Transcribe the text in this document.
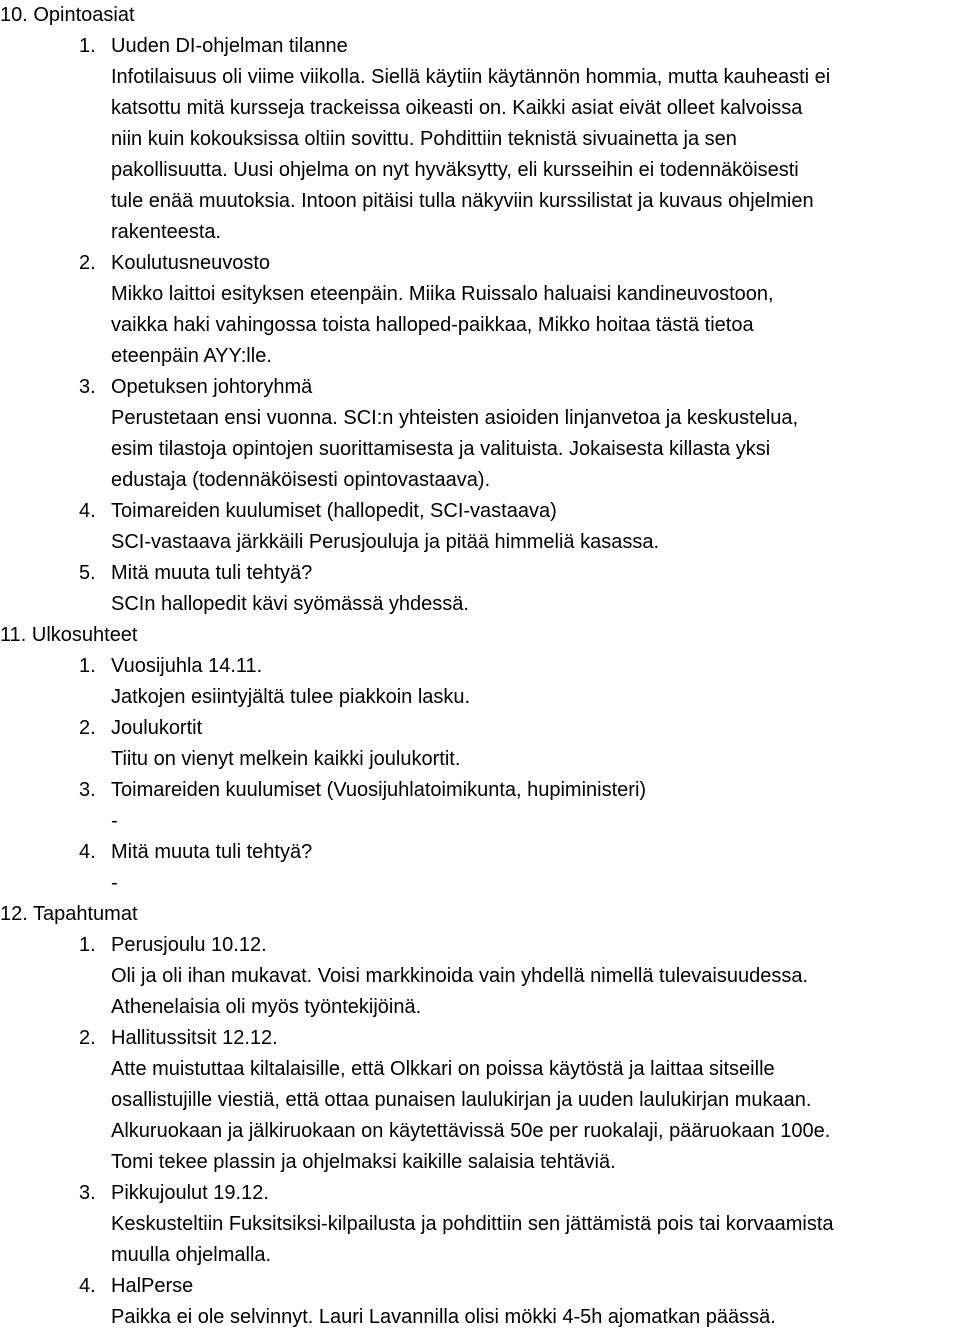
10. Opintoasiat
1. Uuden DI-ohjelman tilanne
Infotilaisuus oli viime viikolla. Siellä käytiin käytännön hommia, mutta kauheasti ei
katsottu mitä kursseja trackeissa oikeasti on. Kaikki asiat eivät olleet kalvoissa
niin kuin kokouksissa oltiin sovittu. Pohdittiin teknistä sivuainetta ja sen
pakollisuutta. Uusi ohjelma on nyt hyväksytty, eli kursseihin ei todennäköisesti
tule enää muutoksia. Intoon pitäisi tulla näkyviin kurssilistat ja kuvaus ohjelmien
rakenteesta.
2. Koulutusneuvosto
Mikko laittoi esityksen eteenpäin. Miika Ruissalo haluaisi kandineuvostoon,
vaikka haki vahingossa toista halloped-paikkaa, Mikko hoitaa tästä tietoa
eteenpäin AYY:lle.
3. Opetuksen johtoryhmä
Perustetaan ensi vuonna. SCI:n yhteisten asioiden linjanvetoa ja keskustelua,
esim tilastoja opintojen suorittamisesta ja valituista. Jokaisesta killasta yksi
edustaja (todennäköisesti opintovastaava).
4. Toimareiden kuulumiset (hallopedit, SCI-vastaava)
SCI-vastaava järkkäili Perusjouluja ja pitää himmeliä kasassa.
5. Mitä muuta tuli tehtyä?
SCIn hallopedit kävi syömässä yhdessä.
11. Ulkosuhteet
1. Vuosijuhla 14.11.
Jatkojen esiintyjältä tulee piakkoin lasku.
2. Joulukortit
Tiitu on vienyt melkein kaikki joulukortit.
3. Toimareiden kuulumiset (Vuosijuhlatoimikunta, hupiministeri)
-
4. Mitä muuta tuli tehtyä?
-
12. Tapahtumat
1. Perusjoulu 10.12.
Oli ja oli ihan mukavat. Voisi markkinoida vain yhdellä nimellä tulevaisuudessa.
Athenelaisia oli myös työntekijöinä.
2. Hallitussitsit 12.12.
Atte muistuttaa kiltalaisille, että Olkkari on poissa käytöstä ja laittaa sitseille
osallistujille viestiä, että ottaa punaisen laulukirjan ja uuden laulukirjan mukaan.
Alkuruokaan ja jälkiruokaan on käytettävissä 50e per ruokalaji, pääruokaan 100e.
Tomi tekee plassin ja ohjelmaksi kaikille salaisia tehtäviä.
3. Pikkujoulut 19.12.
Keskusteltiin Fuksitsiksi-kilpailusta ja pohdittiin sen jättämistä pois tai korvaamista
muulla ohjelmalla.
4. HalPerse
Paikka ei ole selvinnyt. Lauri Lavannilla olisi mökki 4-5h ajomatkan päässä.
